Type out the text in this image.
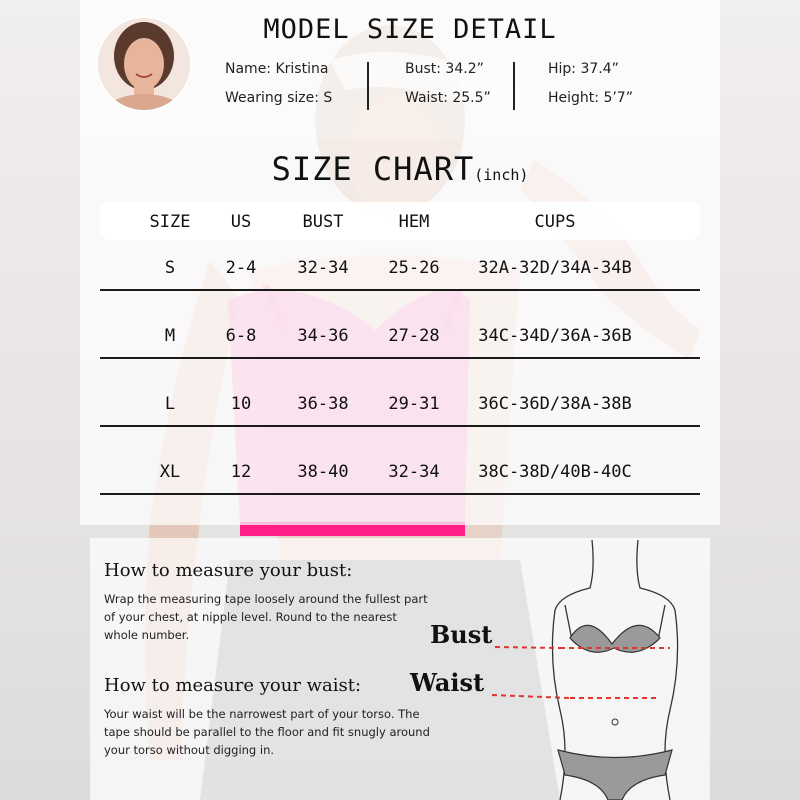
MODEL SIZE DETAIL
Name: Kristina
Wearing size: S
Bust: 34.2”
Waist: 25.5”
Hip: 37.4”
Height: 5’7”
SIZE CHART(inch)
SIZE	US	BUST	HEM	CUPS
S	2-4	32-34	25-26	32A-32D/34A-34B
M	6-8	34-36	27-28	34C-34D/36A-36B
L	10	36-38	29-31	36C-36D/38A-38B
XL	12	38-40	32-34	38C-38D/40B-40C
How to measure your bust:
Wrap the measuring tape loosely around the fullest part of your chest, at nipple level. Round to the nearest whole number.
How to measure your waist:
Your waist will be the narrowest part of your torso. The tape should be parallel to the floor and fit snugly around your torso without digging in.
Bust
Waist
